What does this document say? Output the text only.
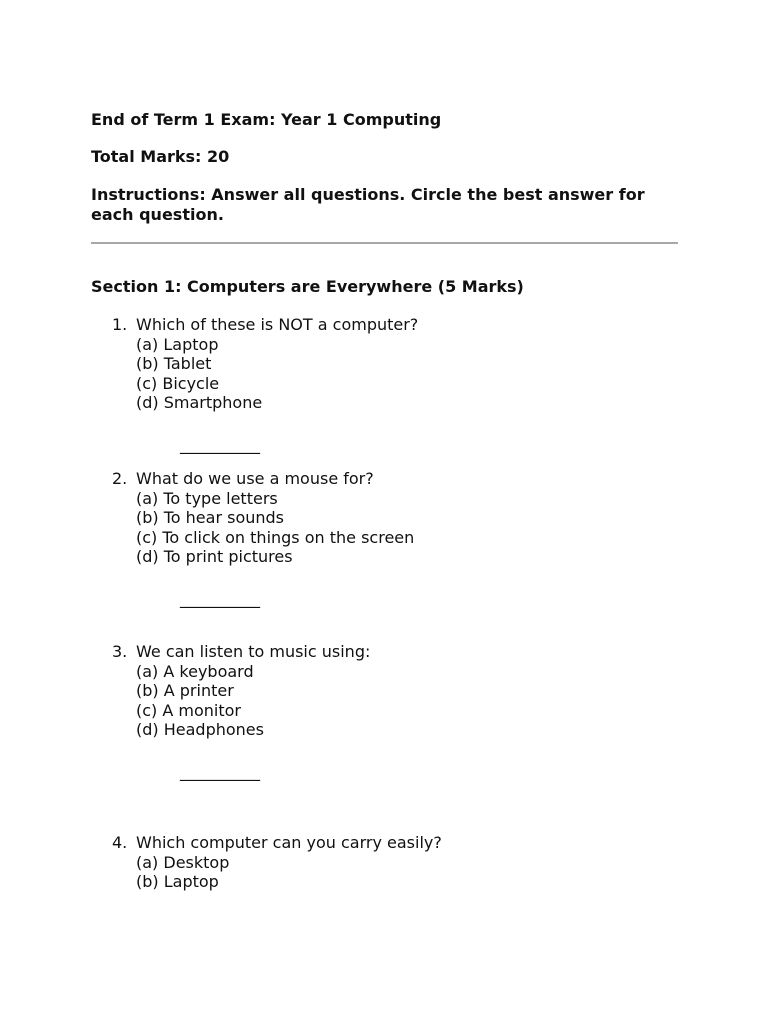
End of Term 1 Exam: Year 1 Computing

Total Marks: 20

Instructions: Answer all questions. Circle the best answer for each question.

Section 1: Computers are Everywhere (5 Marks)

1. Which of these is NOT a computer?
(a) Laptop
(b) Tablet
(c) Bicycle
(d) Smartphone
__________
2. What do we use a mouse for?
(a) To type letters
(b) To hear sounds
(c) To click on things on the screen
(d) To print pictures
__________
3. We can listen to music using:
(a) A keyboard
(b) A printer
(c) A monitor
(d) Headphones
__________
4. Which computer can you carry easily?
(a) Desktop
(b) Laptop
